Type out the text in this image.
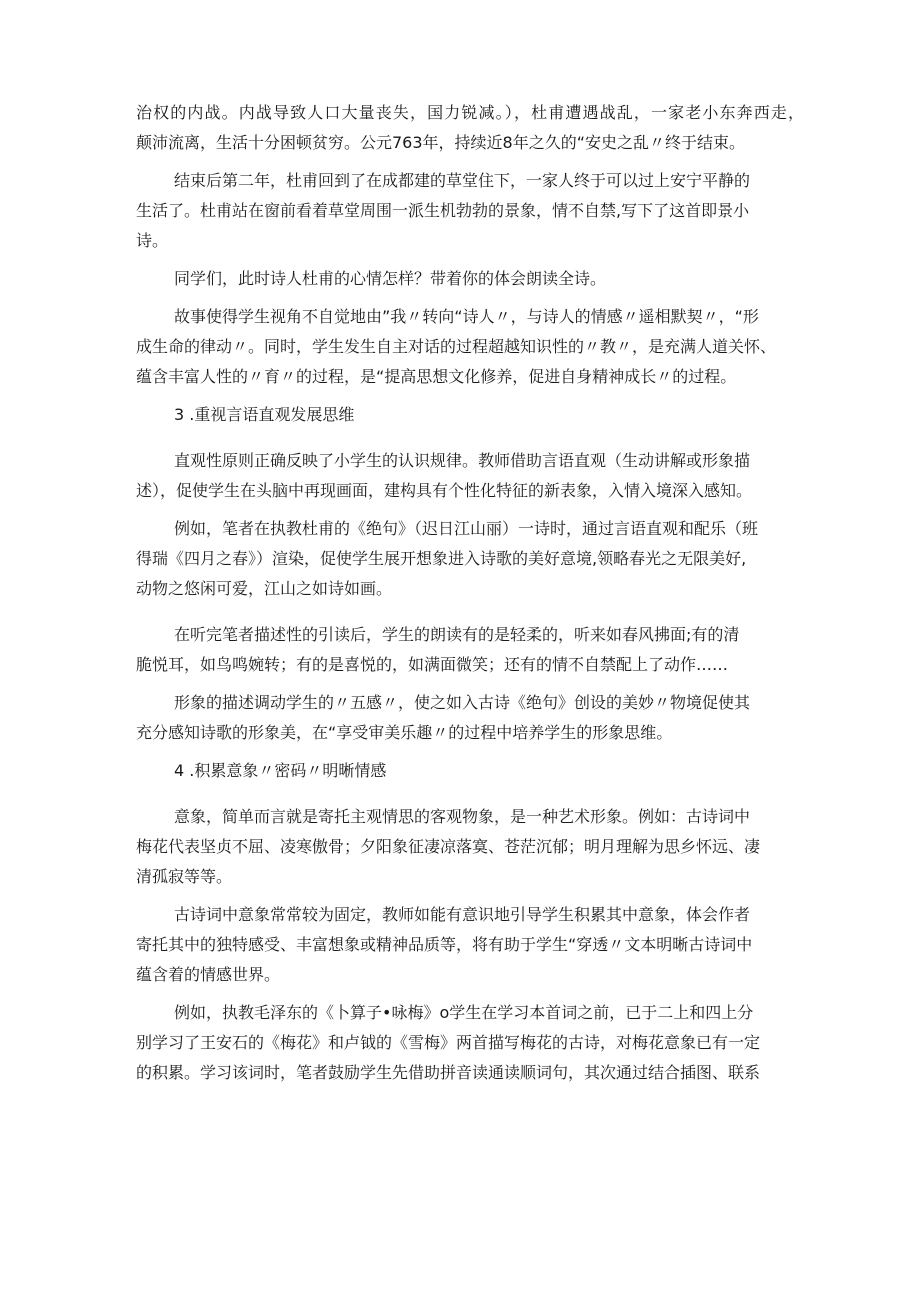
治权的内战。内战导致人口大量丧失，国力锐减。），杜甫遭遇战乱，一家老小东奔西走，
颠沛流离，生活十分困顿贫穷。公元763年，持续近8年之久的“安史之乱〃终于结束。
结束后第二年，杜甫回到了在成都建的草堂住下，一家人终于可以过上安宁平静的
生活了。杜甫站在窗前看着草堂周围一派生机勃勃的景象，情不自禁,写下了这首即景小
诗。
同学们，此时诗人杜甫的心情怎样？带着你的体会朗读全诗。
故事使得学生视角不自觉地由”我〃转向“诗人〃，与诗人的情感〃遥相默契〃，“形
成生命的律动〃。同时，学生发生自主对话的过程超越知识性的〃教〃，是充满人道关怀、
蕴含丰富人性的〃育〃的过程，是“提高思想文化修养，促进自身精神成长〃的过程。
3 .重视言语直观发展思维
直观性原则正确反映了小学生的认识规律。教师借助言语直观（生动讲解或形象描
述），促使学生在头脑中再现画面，建构具有个性化特征的新表象，入情入境深入感知。
例如，笔者在执教杜甫的《绝句》（迟日江山丽）一诗时，通过言语直观和配乐（班
得瑞《四月之春》）渲染，促使学生展开想象进入诗歌的美好意境,领略春光之无限美好,
动物之悠闲可爱，江山之如诗如画。
在听完笔者描述性的引读后，学生的朗读有的是轻柔的，听来如春风拂面;有的清
脆悦耳，如鸟鸣婉转；有的是喜悦的，如满面微笑；还有的情不自禁配上了动作……
形象的描述调动学生的〃五感〃，使之如入古诗《绝句》创设的美妙〃物境促使其
充分感知诗歌的形象美，在“享受审美乐趣〃的过程中培养学生的形象思维。
4 .积累意象〃密码〃明晰情感
意象，简单而言就是寄托主观情思的客观物象，是一种艺术形象。例如：古诗词中
梅花代表坚贞不屈、凌寒傲骨；夕阳象征凄凉落寞、苍茫沉郁；明月理解为思乡怀远、凄
清孤寂等等。
古诗词中意象常常较为固定，教师如能有意识地引导学生积累其中意象，体会作者
寄托其中的独特感受、丰富想象或精神品质等，将有助于学生“穿透〃文本明晰古诗词中
蕴含着的情感世界。
例如，执教毛泽东的《卜算子•咏梅》o学生在学习本首词之前，已于二上和四上分
别学习了王安石的《梅花》和卢钺的《雪梅》两首描写梅花的古诗，对梅花意象已有一定
的积累。学习该词时，笔者鼓励学生先借助拼音读通读顺词句，其次通过结合插图、联系
